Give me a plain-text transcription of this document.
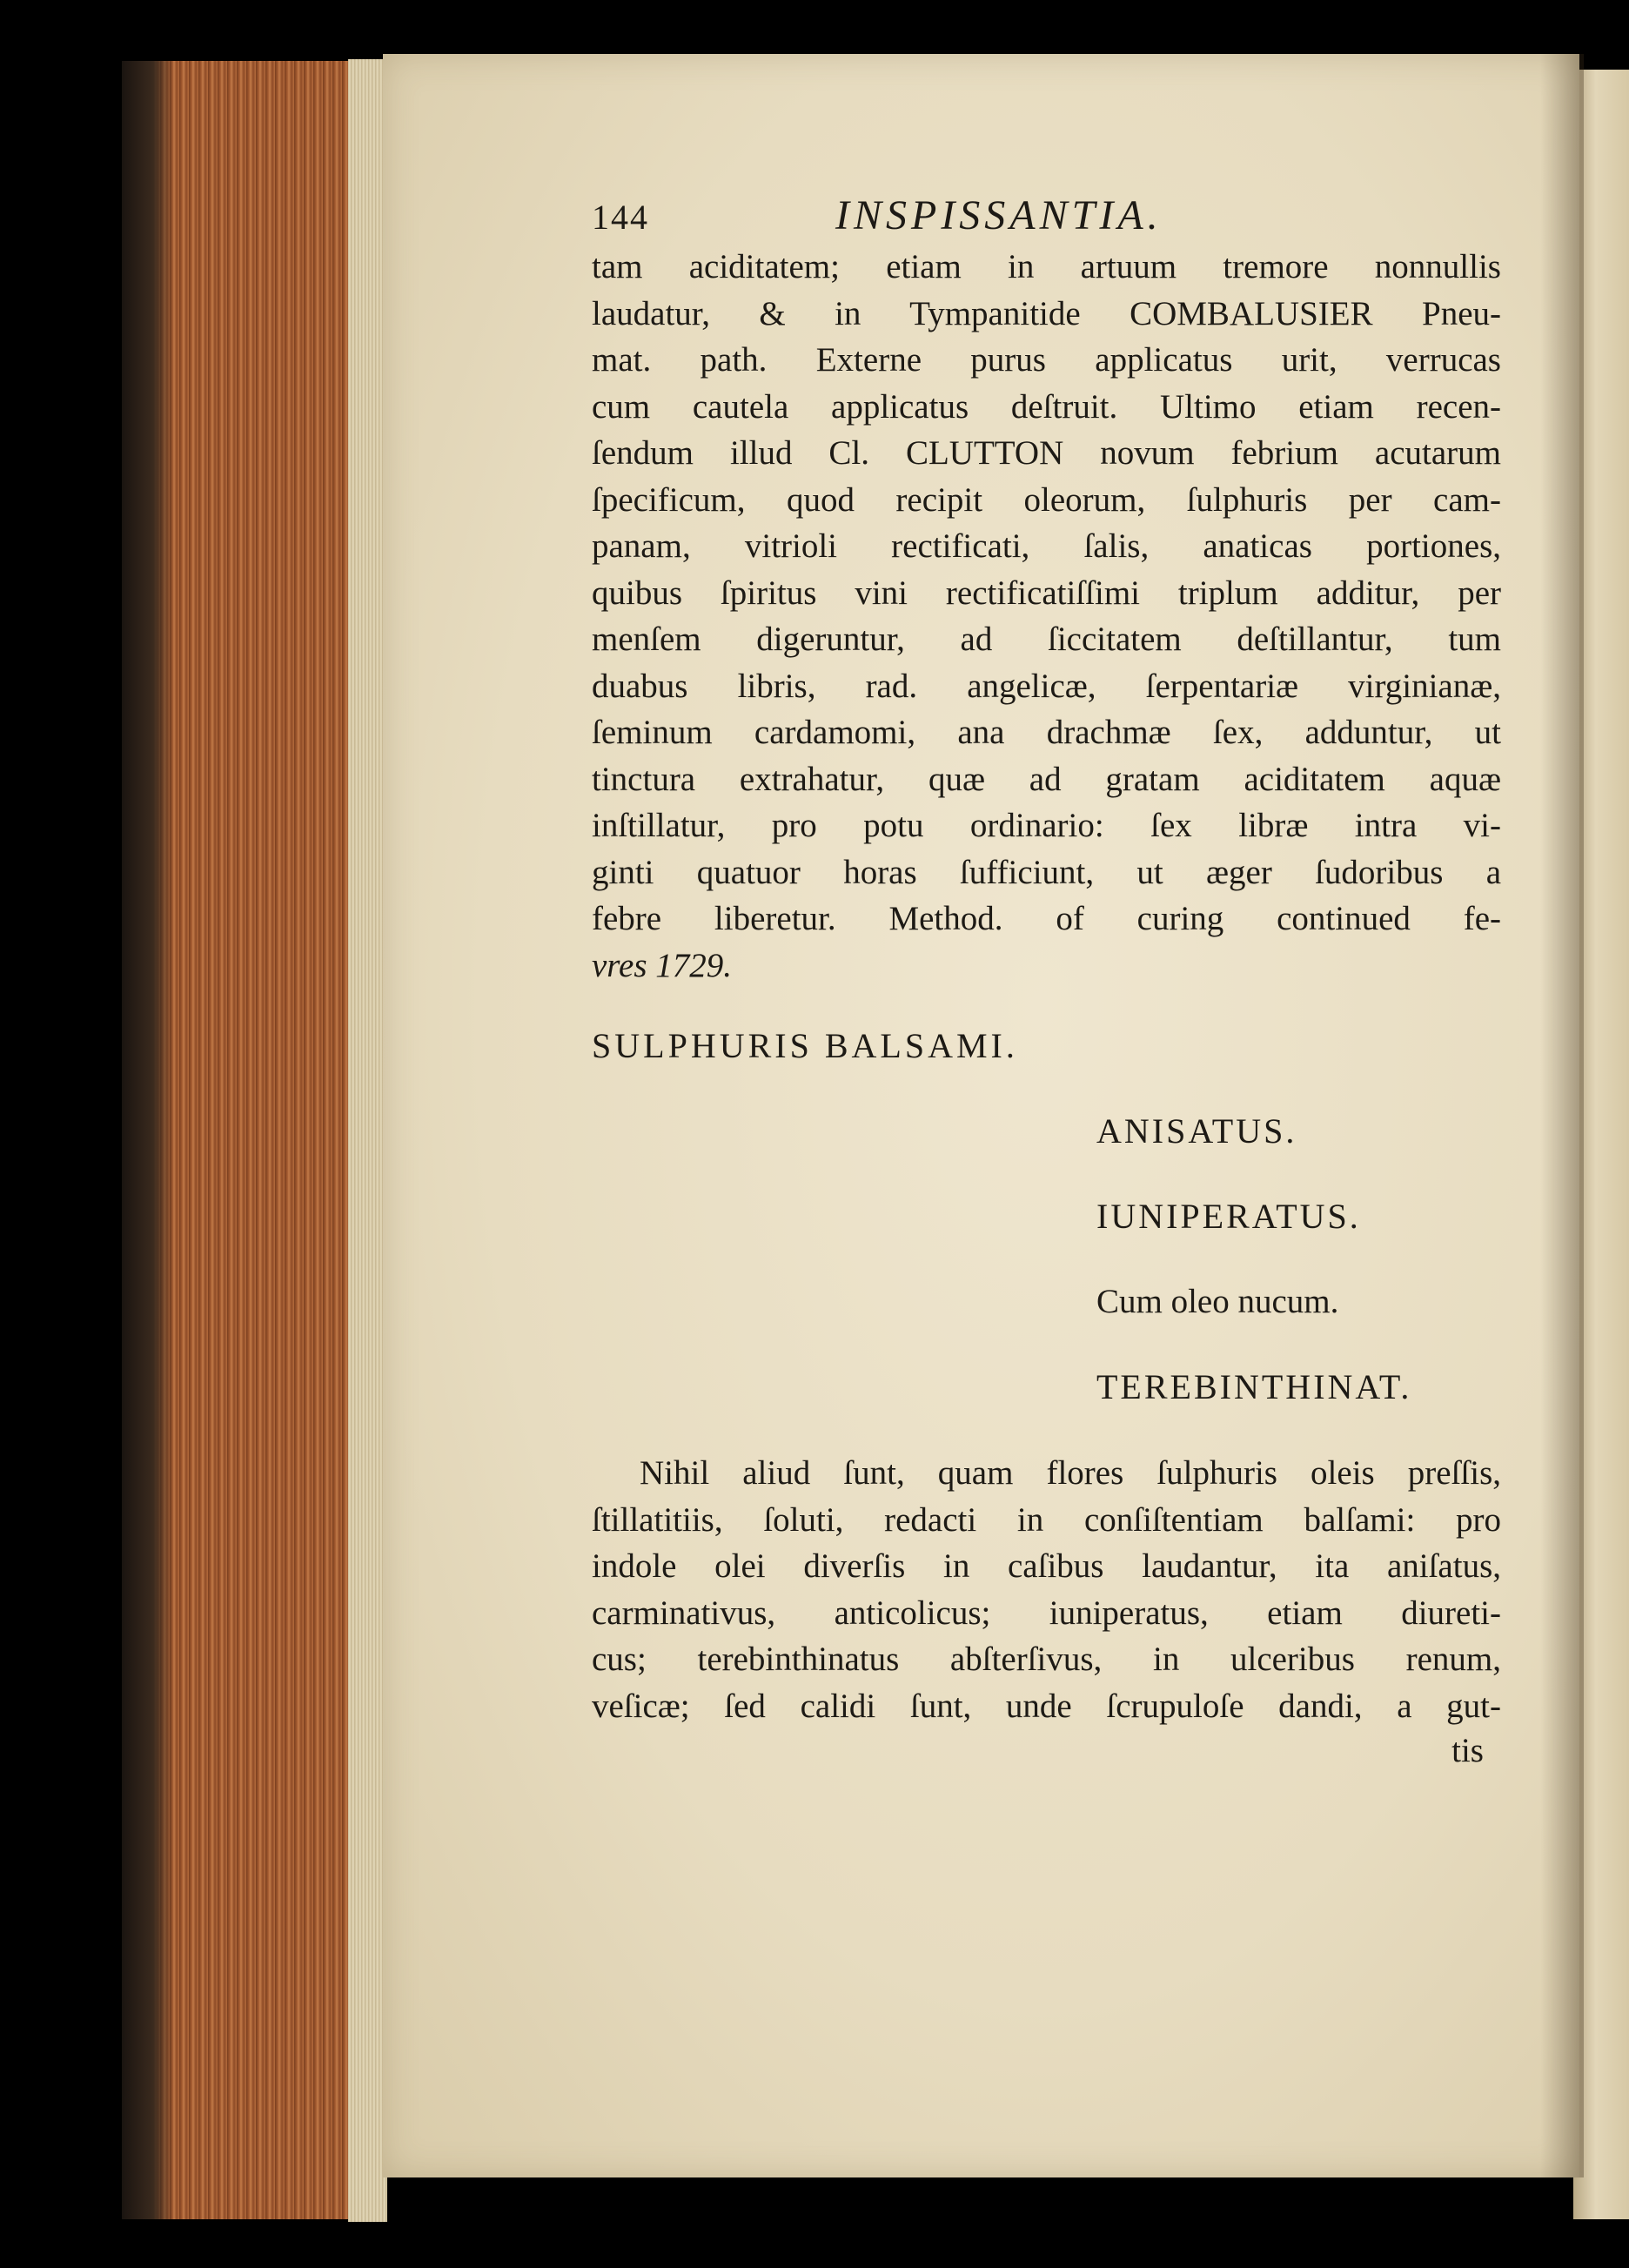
144	INSPISSANTIA.
tam aciditatem; etiam in artuum tremore nonnullis
laudatur, & in Tympanitide COMBALUSIER Pneu-
mat. path. Externe purus applicatus urit, verrucas
cum cautela applicatus deſtruit. Ultimo etiam recen-
ſendum illud Cl. CLUTTON novum febrium acutarum
ſpecificum, quod recipit oleorum, ſulphuris per cam-
panam, vitrioli rectificati, ſalis, anaticas portiones,
quibus ſpiritus vini rectificatiſſimi triplum additur, per
menſem digeruntur, ad ſiccitatem deſtillantur, tum
duabus libris, rad. angelicæ, ſerpentariæ virginianæ,
ſeminum cardamomi, ana drachmæ ſex, adduntur, ut
tinctura extrahatur, quæ ad gratam aciditatem aquæ
inſtillatur, pro potu ordinario: ſex libræ intra vi-
ginti quatuor horas ſufficiunt, ut æger ſudoribus a
febre liberetur. Method. of curing continued fe-
vres 1729.
SULPHURIS BALSAMI.
ANISATUS.
IUNIPERATUS.
Cum oleo nucum.
TEREBINTHINAT.
Nihil aliud ſunt, quam flores ſulphuris oleis preſſis,
ſtillatitiis, ſoluti, redacti in conſiſtentiam balſami: pro
indole olei diverſis in caſibus laudantur, ita aniſatus,
carminativus, anticolicus; iuniperatus, etiam diureti-
cus; terebinthinatus abſterſivus, in ulceribus renum,
veſicæ; ſed calidi ſunt, unde ſcrupuloſe dandi, a gut-
tis
